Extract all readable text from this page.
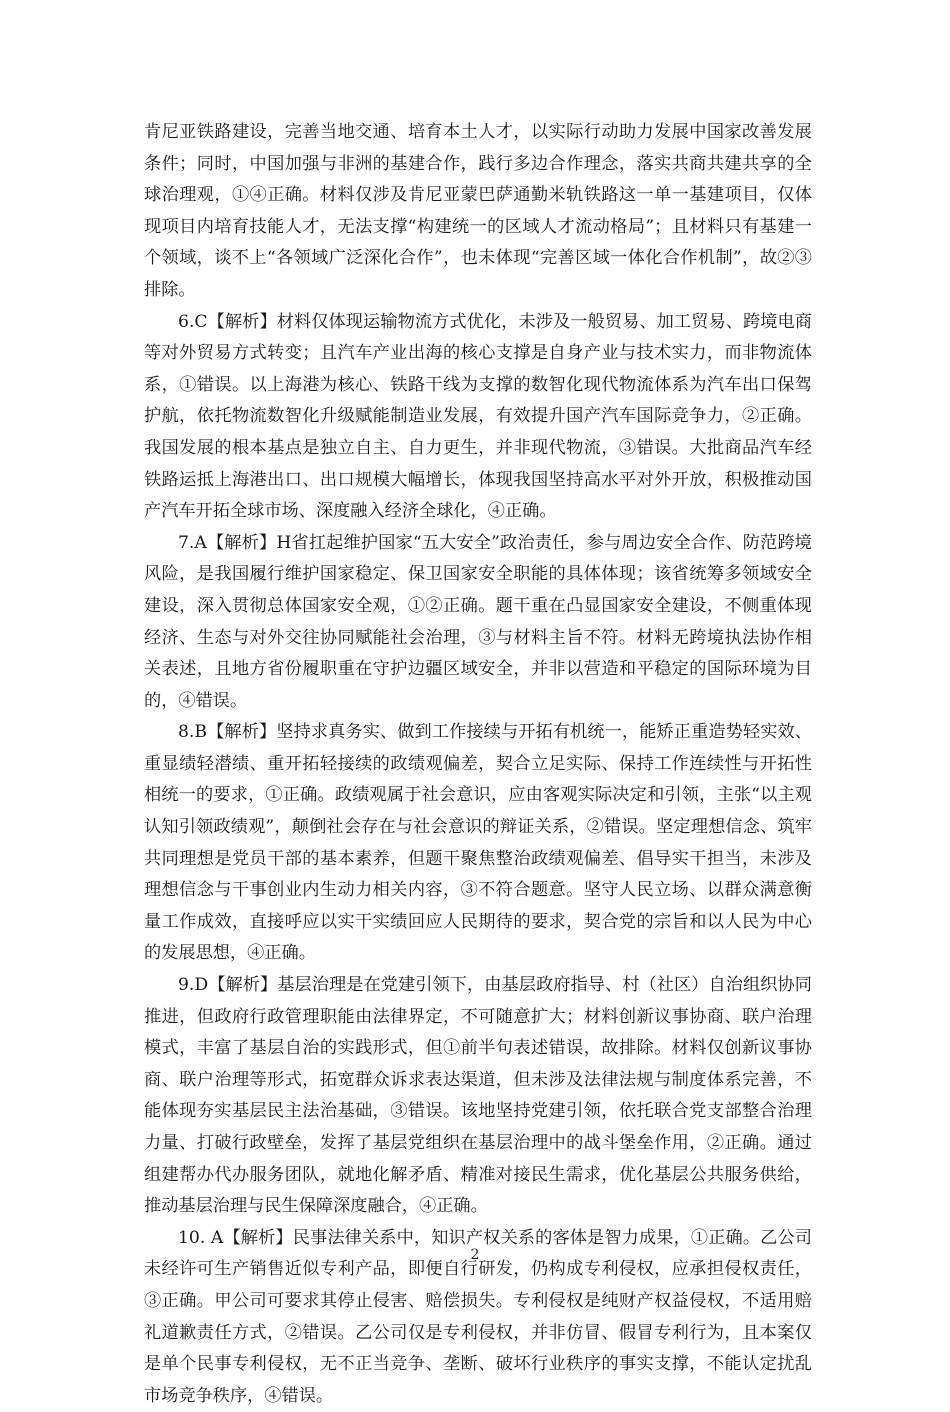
肯尼亚铁路建设，完善当地交通、培育本土人才，以实际行动助力发展中国家改善发展条件；同时，中国加强与非洲的基建合作，践行多边合作理念，落实共商共建共享的全球治理观，①④正确。材料仅涉及肯尼亚蒙巴萨通勤米轨铁路这一单一基建项目，仅体现项目内培育技能人才，无法支撑“构建统一的区域人才流动格局”；且材料只有基建一个领域，谈不上“各领域广泛深化合作”，也未体现“完善区域一体化合作机制”，故②③排除。

6.C【解析】材料仅体现运输物流方式优化，未涉及一般贸易、加工贸易、跨境电商等对外贸易方式转变；且汽车产业出海的核心支撑是自身产业与技术实力，而非物流体系，①错误。以上海港为核心、铁路干线为支撑的数智化现代物流体系为汽车出口保驾护航，依托物流数智化升级赋能制造业发展，有效提升国产汽车国际竞争力，②正确。我国发展的根本基点是独立自主、自力更生，并非现代物流，③错误。大批商品汽车经铁路运抵上海港出口、出口规模大幅增长，体现我国坚持高水平对外开放，积极推动国产汽车开拓全球市场、深度融入经济全球化，④正确。

7.A【解析】H省扛起维护国家“五大安全”政治责任，参与周边安全合作、防范跨境风险，是我国履行维护国家稳定、保卫国家安全职能的具体体现；该省统筹多领域安全建设，深入贯彻总体国家安全观，①②正确。题干重在凸显国家安全建设，不侧重体现经济、生态与对外交往协同赋能社会治理，③与材料主旨不符。材料无跨境执法协作相关表述，且地方省份履职重在守护边疆区域安全，并非以营造和平稳定的国际环境为目的，④错误。

8.B【解析】坚持求真务实、做到工作接续与开拓有机统一，能矫正重造势轻实效、重显绩轻潜绩、重开拓轻接续的政绩观偏差，契合立足实际、保持工作连续性与开拓性相统一的要求，①正确。政绩观属于社会意识，应由客观实际决定和引领，主张“以主观认知引领政绩观”，颠倒社会存在与社会意识的辩证关系，②错误。坚定理想信念、筑牢共同理想是党员干部的基本素养，但题干聚焦整治政绩观偏差、倡导实干担当，未涉及理想信念与干事创业内生动力相关内容，③不符合题意。坚守人民立场、以群众满意衡量工作成效，直接呼应以实干实绩回应人民期待的要求，契合党的宗旨和以人民为中心的发展思想，④正确。

9.D【解析】基层治理是在党建引领下，由基层政府指导、村（社区）自治组织协同推进，但政府行政管理职能由法律界定，不可随意扩大；材料创新议事协商、联户治理模式，丰富了基层自治的实践形式，但①前半句表述错误，故排除。材料仅创新议事协商、联户治理等形式，拓宽群众诉求表达渠道，但未涉及法律法规与制度体系完善，不能体现夯实基层民主法治基础，③错误。该地坚持党建引领，依托联合党支部整合治理力量、打破行政壁垒，发挥了基层党组织在基层治理中的战斗堡垒作用，②正确。通过组建帮办代办服务团队，就地化解矛盾、精准对接民生需求，优化基层公共服务供给，推动基层治理与民生保障深度融合，④正确。

10. A【解析】民事法律关系中，知识产权关系的客体是智力成果，①正确。乙公司未经许可生产销售近似专利产品，即便自行研发，仍构成专利侵权，应承担侵权责任，③正确。甲公司可要求其停止侵害、赔偿损失。专利侵权是纯财产权益侵权，不适用赔礼道歉责任方式，②错误。乙公司仅是专利侵权，并非仿冒、假冒专利行为，且本案仅是单个民事专利侵权，无不正当竞争、垄断、破坏行业秩序的事实支撑，不能认定扰乱市场竞争秩序，④错误。

2
